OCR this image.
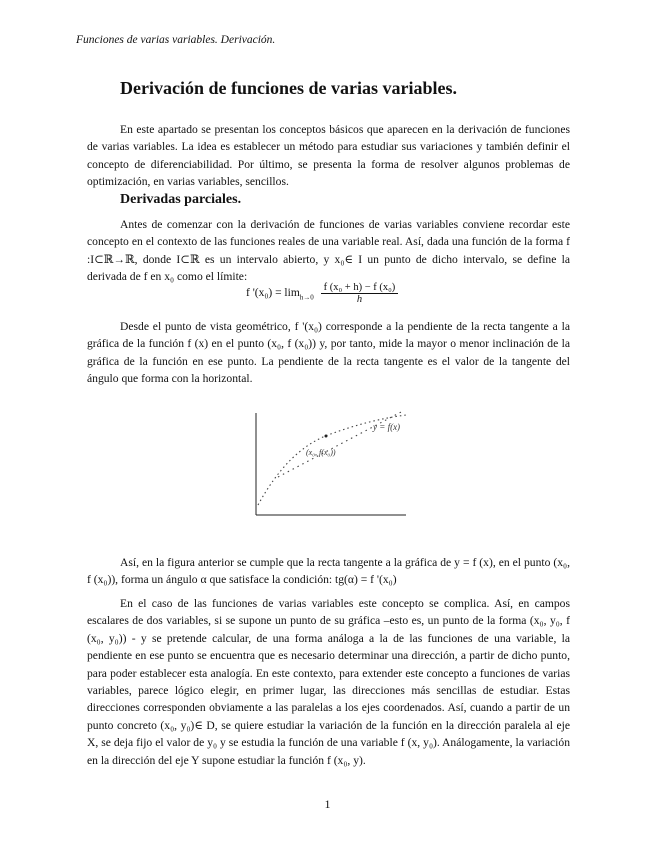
Funciones de varias variables. Derivación.
Derivación de funciones de varias variables.

En este apartado se presentan los conceptos básicos que aparecen en la derivación de funciones de varias variables. La idea es establecer un método para estudiar sus variaciones y también definir el concepto de diferenciabilidad. Por último, se presenta la forma de resolver algunos problemas de optimización, en varias variables, sencillos.

Derivadas parciales.

Antes de comenzar con la derivación de funciones de varias variables conviene recordar este concepto en el contexto de las funciones reales de una variable real. Así, dada una función de la forma f :I⊂ℝ→ℝ, donde I⊂ℝ es un intervalo abierto, y x₀∈ I un punto de dicho intervalo, se define la derivada de f en x₀ como el límite:

f '$(x_0) = \lim_{h\to 0} \frac{\text{f (x₀ + h) − f (x₀)}}{h}$

Desde el punto de vista geométrico, f '(x₀) corresponde a la pendiente de la recta tangente a la gráfica de la función f (x) en el punto (x₀, f (x₀)) y, por tanto, mide la mayor o menor inclinación de la gráfica de la función en ese punto. La pendiente de la recta tangente es el valor de la tangente del ángulo que forma con la horizontal.

y = f(x)
(x₀, f(x₀))

Así, en la figura anterior se cumple que la recta tangente a la gráfica de y = f (x), en el punto (x₀, f (x₀)), forma un ángulo α que satisface la condición: tg(α) = f '(x₀)

En el caso de las funciones de varias variables este concepto se complica. Así, en campos escalares de dos variables, si se supone un punto de su gráfica –esto es, un punto de la forma (x₀, y₀, f (x₀, y₀)) - y se pretende calcular, de una forma análoga a la de las funciones de una variable, la pendiente en ese punto se encuentra que es necesario determinar una dirección, a partir de dicho punto, para poder establecer esta analogía. En este contexto, para extender este concepto a funciones de varias variables, parece lógico elegir, en primer lugar, las direcciones más sencillas de estudiar. Estas direcciones corresponden obviamente a las paralelas a los ejes coordenados. Así, cuando a partir de un punto concreto (x₀, y₀)∈ D, se quiere estudiar la variación de la función en la dirección paralela al eje X, se deja fijo el valor de y₀ y se estudia la función de una variable f (x, y₀). Análogamente, la variación en la dirección del eje Y supone estudiar la función f (x₀, y).

1
